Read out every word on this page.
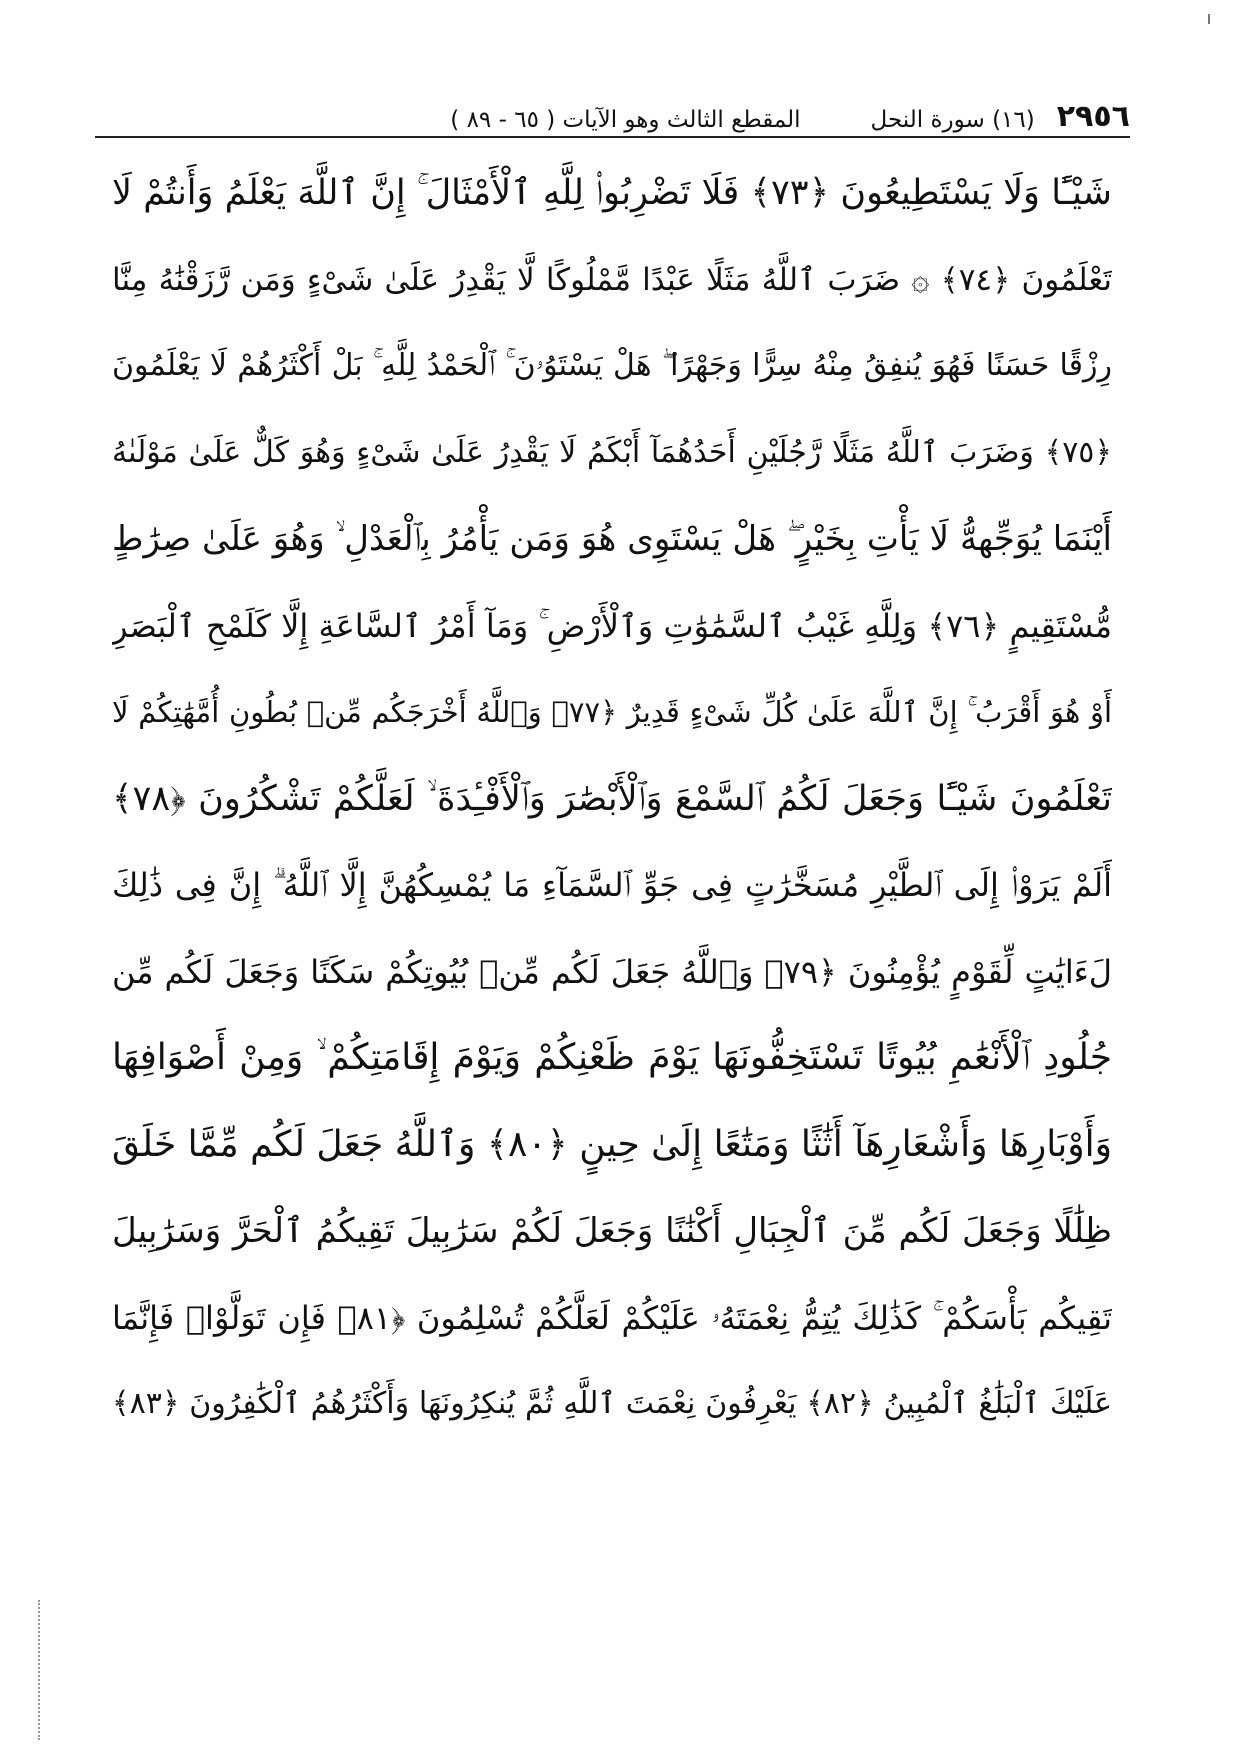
٢٩٥٦
(١٦) سورة النحل
المقطع الثالث وهو الآيات ( ٦٥ - ٨٩ )
شَيْـًٔا وَلَا يَسْتَطِيعُونَ ﴿٧٣﴾ فَلَا تَضْرِبُوا۟ لِلَّهِ ٱلْأَمْثَالَ ۚ إِنَّ ٱللَّهَ يَعْلَمُ وَأَنتُمْ لَا
تَعْلَمُونَ ﴿٧٤﴾ ۞ ضَرَبَ ٱللَّهُ مَثَلًا عَبْدًا مَّمْلُوكًا لَّا يَقْدِرُ عَلَىٰ شَىْءٍ وَمَن رَّزَقْنَٰهُ مِنَّا
رِزْقًا حَسَنًا فَهُوَ يُنفِقُ مِنْهُ سِرًّا وَجَهْرًا ۖ هَلْ يَسْتَوُۥنَ ۚ ٱلْحَمْدُ لِلَّهِ ۚ بَلْ أَكْثَرُهُمْ لَا يَعْلَمُونَ
﴿٧٥﴾ وَضَرَبَ ٱللَّهُ مَثَلًا رَّجُلَيْنِ أَحَدُهُمَآ أَبْكَمُ لَا يَقْدِرُ عَلَىٰ شَىْءٍ وَهُوَ كَلٌّ عَلَىٰ مَوْلَىٰهُ
أَيْنَمَا يُوَجِّههُّ لَا يَأْتِ بِخَيْرٍ ۖ هَلْ يَسْتَوِى هُوَ وَمَن يَأْمُرُ بِٱلْعَدْلِ ۙ وَهُوَ عَلَىٰ صِرَٰطٍ
مُّسْتَقِيمٍ ﴿٧٦﴾ وَلِلَّهِ غَيْبُ ٱلسَّمَٰوَٰتِ وَٱلْأَرْضِ ۚ وَمَآ أَمْرُ ٱلسَّاعَةِ إِلَّا كَلَمْحِ ٱلْبَصَرِ
أَوْ هُوَ أَقْرَبُ ۚ إِنَّ ٱللَّهَ عَلَىٰ كُلِّ شَىْءٍ قَدِيرٌ ﴿٧٧﴾ وَٱللَّهُ أَخْرَجَكُم مِّنۢ بُطُونِ أُمَّهَٰتِكُمْ لَا
تَعْلَمُونَ شَيْـًٔا وَجَعَلَ لَكُمُ ٱلسَّمْعَ وَٱلْأَبْصَٰرَ وَٱلْأَفْـِٔدَةَ ۙ لَعَلَّكُمْ تَشْكُرُونَ ﴿٧٨﴾
أَلَمْ يَرَوْا۟ إِلَى ٱلطَّيْرِ مُسَخَّرَٰتٍ فِى جَوِّ ٱلسَّمَآءِ مَا يُمْسِكُهُنَّ إِلَّا ٱللَّهُ ۗ إِنَّ فِى ذَٰلِكَ
لَءَايَٰتٍ لِّقَوْمٍ يُؤْمِنُونَ ﴿٧٩﴾ وَٱللَّهُ جَعَلَ لَكُم مِّنۢ بُيُوتِكُمْ سَكَنًا وَجَعَلَ لَكُم مِّن
جُلُودِ ٱلْأَنْعَٰمِ بُيُوتًا تَسْتَخِفُّونَهَا يَوْمَ ظَعْنِكُمْ وَيَوْمَ إِقَامَتِكُمْ ۙ وَمِنْ أَصْوَافِهَا
وَأَوْبَارِهَا وَأَشْعَارِهَآ أَثَٰثًا وَمَتَٰعًا إِلَىٰ حِينٍ ﴿٨٠﴾ وَٱللَّهُ جَعَلَ لَكُم مِّمَّا خَلَقَ
ظِلَٰلًا وَجَعَلَ لَكُم مِّنَ ٱلْجِبَالِ أَكْنَٰنًا وَجَعَلَ لَكُمْ سَرَٰبِيلَ تَقِيكُمُ ٱلْحَرَّ وَسَرَٰبِيلَ
تَقِيكُم بَأْسَكُمْ ۚ كَذَٰلِكَ يُتِمُّ نِعْمَتَهُۥ عَلَيْكُمْ لَعَلَّكُمْ تُسْلِمُونَ ﴿٨١﴾ فَإِن تَوَلَّوْا۟ فَإِنَّمَا
عَلَيْكَ ٱلْبَلَٰغُ ٱلْمُبِينُ ﴿٨٢﴾ يَعْرِفُونَ نِعْمَتَ ٱللَّهِ ثُمَّ يُنكِرُونَهَا وَأَكْثَرُهُمُ ٱلْكَٰفِرُونَ ﴿٨٣﴾
